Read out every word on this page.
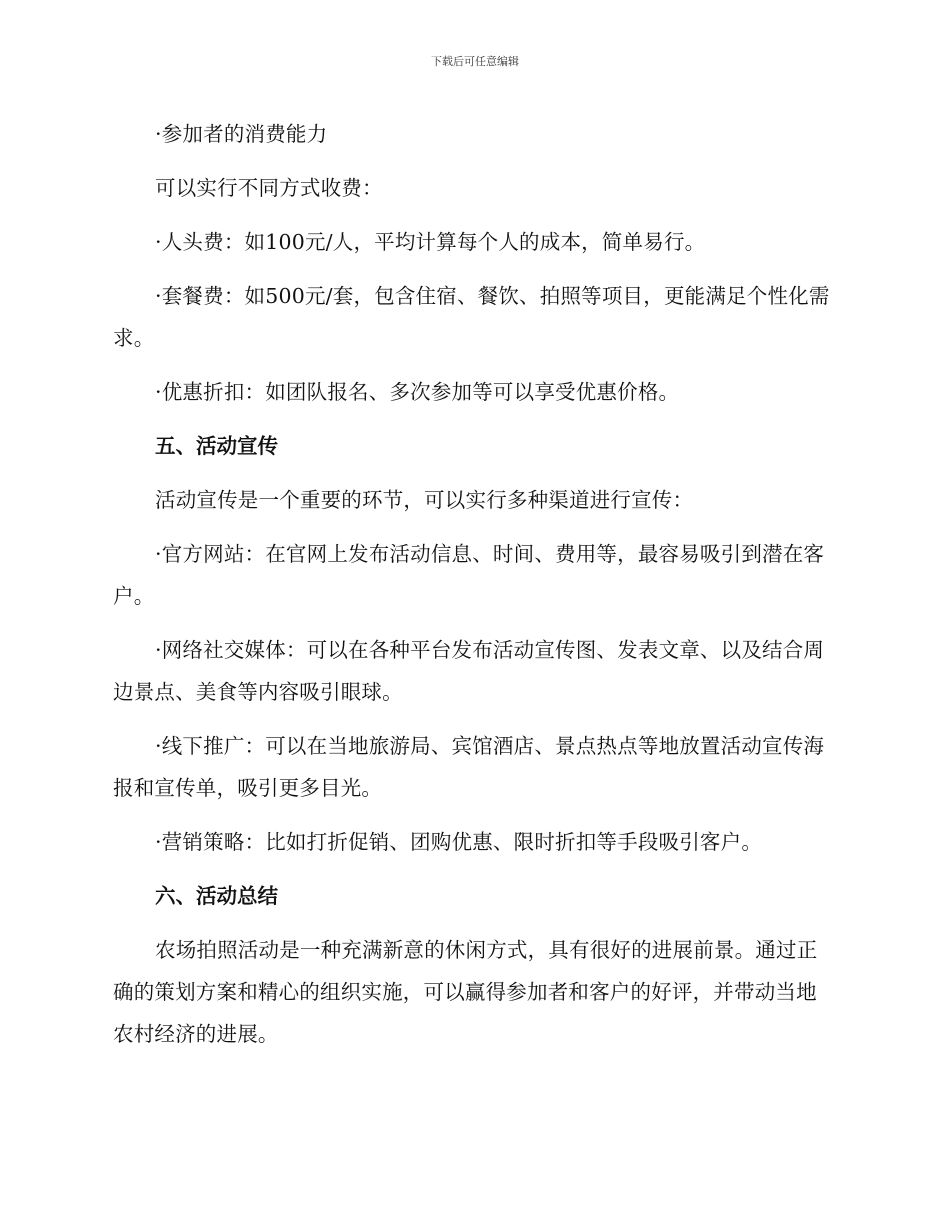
下载后可任意编辑

·参加者的消费能力

可以实行不同方式收费：

·人头费：如100元/人，平均计算每个人的成本，简单易行。

·套餐费：如500元/套，包含住宿、餐饮、拍照等项目，更能满足个性化需求。

·优惠折扣：如团队报名、多次参加等可以享受优惠价格。

五、活动宣传

活动宣传是一个重要的环节，可以实行多种渠道进行宣传：

·官方网站：在官网上发布活动信息、时间、费用等，最容易吸引到潜在客户。

·网络社交媒体：可以在各种平台发布活动宣传图、发表文章、以及结合周边景点、美食等内容吸引眼球。

·线下推广：可以在当地旅游局、宾馆酒店、景点热点等地放置活动宣传海报和宣传单，吸引更多目光。

·营销策略：比如打折促销、团购优惠、限时折扣等手段吸引客户。

六、活动总结

农场拍照活动是一种充满新意的休闲方式，具有很好的进展前景。通过正确的策划方案和精心的组织实施，可以赢得参加者和客户的好评，并带动当地农村经济的进展。
